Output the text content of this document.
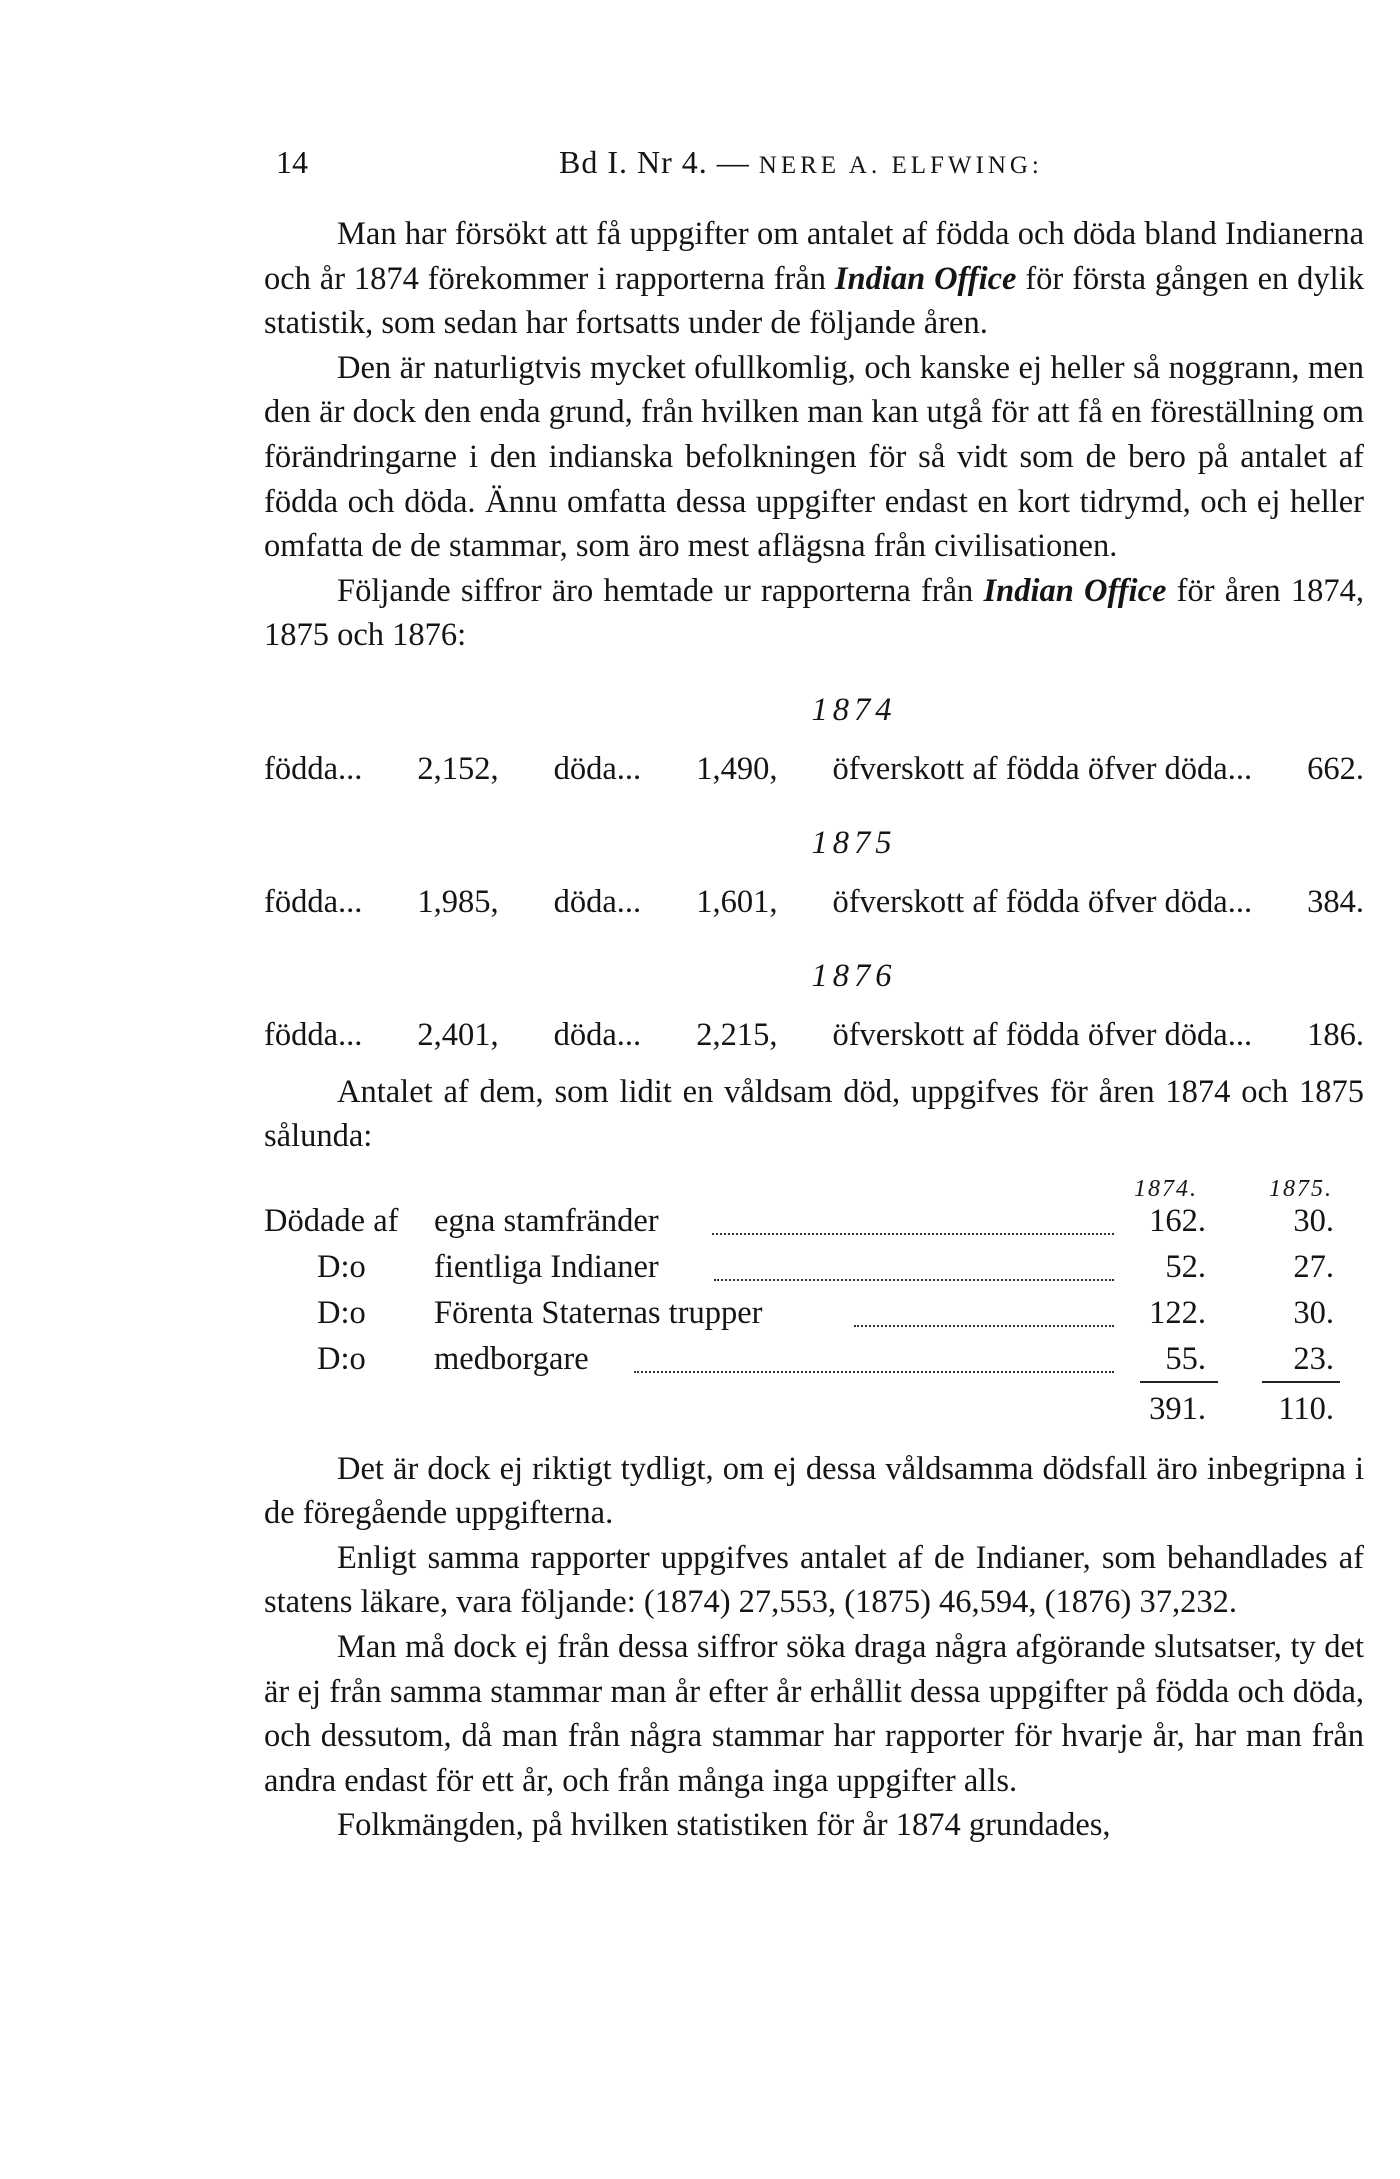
14	Bd I. Nr 4. — NERE A. ELFWING:

Man har försökt att få uppgifter om antalet af födda och döda bland Indianerna och år 1874 förekommer i rapporterna från Indian Office för första gången en dylik statistik, som sedan har fortsatts under de följande åren.

Den är naturligtvis mycket ofullkomlig, och kanske ej heller så noggrann, men den är dock den enda grund, från hvilken man kan utgå för att få en föreställning om förändringarne i den indianska befolkningen för så vidt som de bero på antalet af födda och döda. Ännu omfatta dessa uppgifter endast en kort tidrymd, och ej heller omfatta de de stammar, som äro mest aflägsna från civilisationen.

Följande siffror äro hemtade ur rapporterna från Indian Office för åren 1874, 1875 och 1876:

1874
födda... 2,152, döda... 1,490, öfverskott af födda öfver döda... 662.
1875
födda... 1,985, döda... 1,601, öfverskott af födda öfver döda... 384.
1876
födda... 2,401, döda... 2,215, öfverskott af födda öfver döda... 186.

Antalet af dem, som lidit en våldsam död, uppgifves för åren 1874 och 1875 sålunda:

1874.	1875.
Dödade af egna stamfränder	162.	30.
D:o fientliga Indianer	52.	27.
D:o Förenta Staternas trupper	122.	30.
D:o medborgare	55.	23.
391.	110.

Det är dock ej riktigt tydligt, om ej dessa våldsamma dödsfall äro inbegripna i de föregående uppgifterna.

Enligt samma rapporter uppgifves antalet af de Indianer, som behandlades af statens läkare, vara följande: (1874) 27,553, (1875) 46,594, (1876) 37,232.

Man må dock ej från dessa siffror söka draga några afgörande slutsatser, ty det är ej från samma stammar man år efter år erhållit dessa uppgifter på födda och döda, och dessutom, då man från några stammar har rapporter för hvarje år, har man från andra endast för ett år, och från många inga uppgifter alls.

Folkmängden, på hvilken statistiken för år 1874 grundades,
